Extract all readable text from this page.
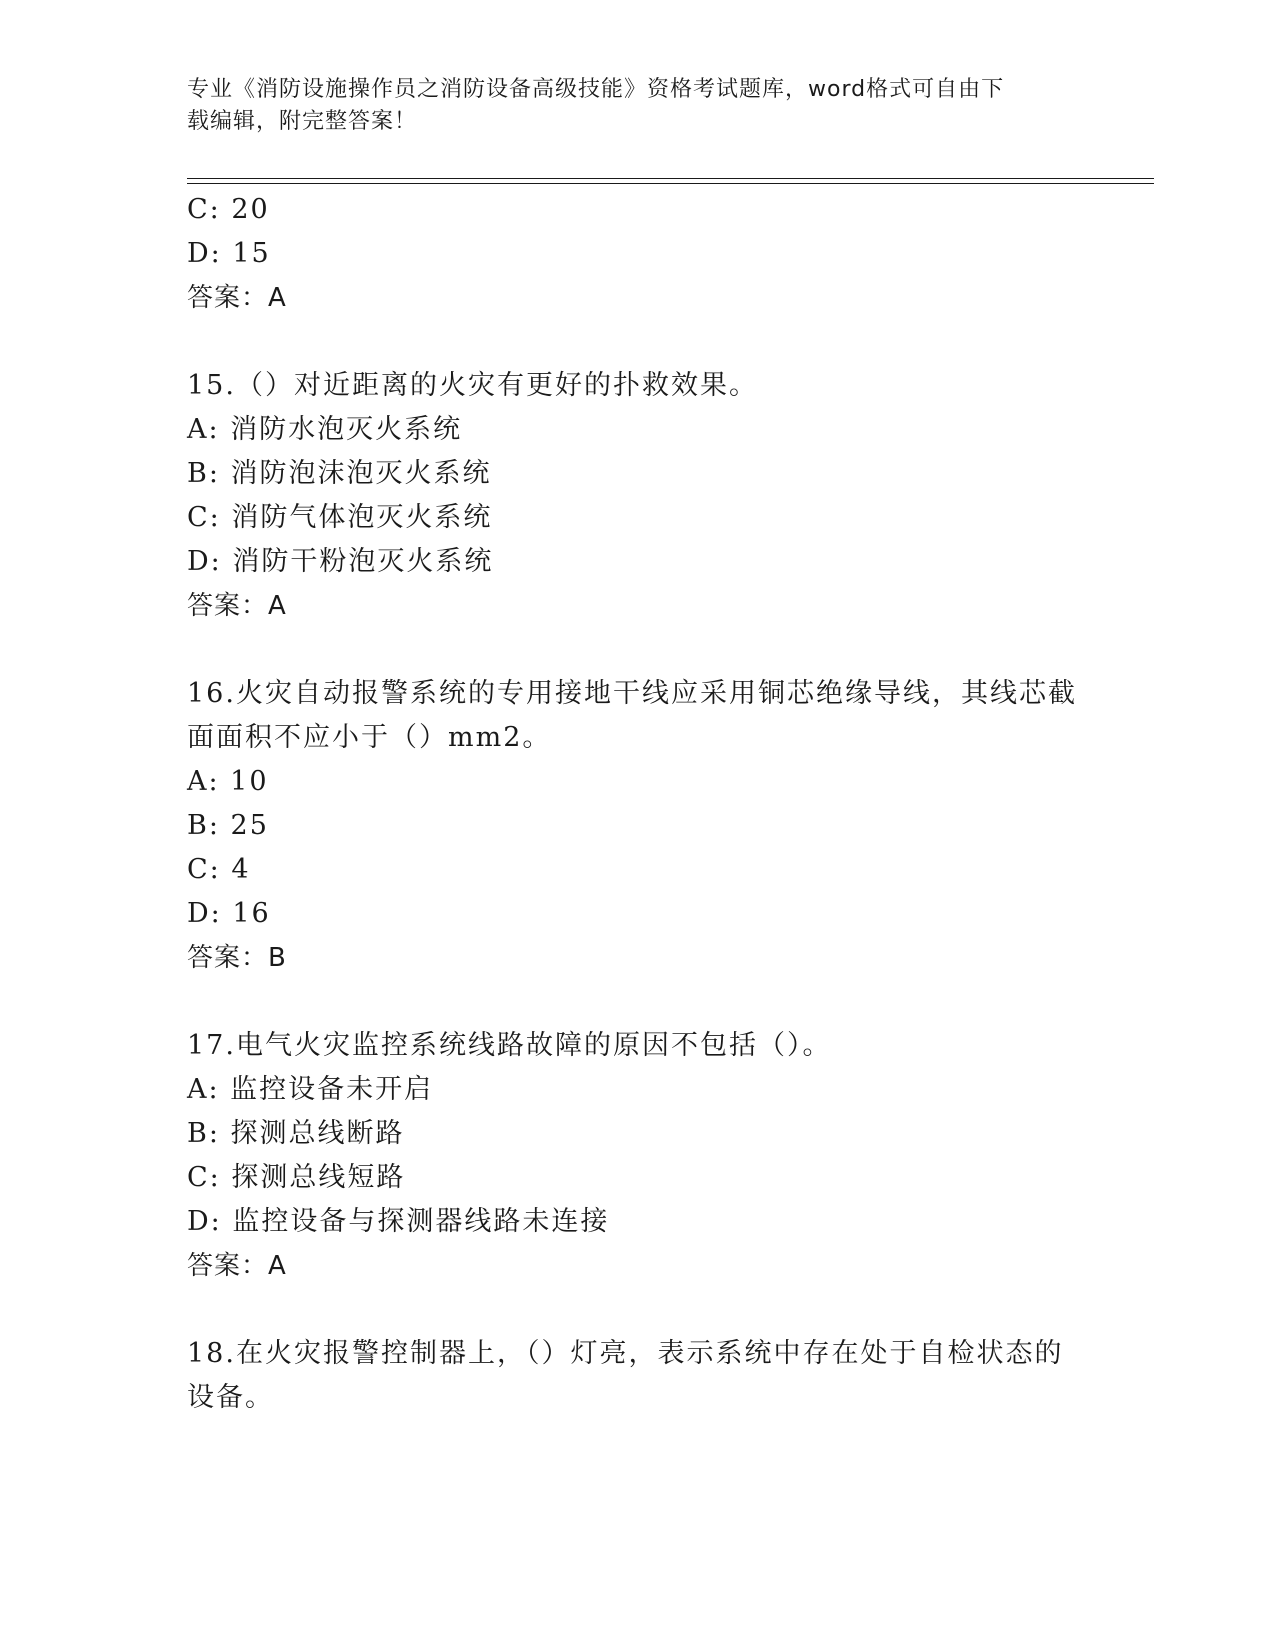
专业《消防设施操作员之消防设备高级技能》资格考试题库，word格式可自由下
载编辑，附完整答案！
C: 20
D: 15
答案：A
15.（）对近距离的火灾有更好的扑救效果。
A: 消防水泡灭火系统
B: 消防泡沫泡灭火系统
C: 消防气体泡灭火系统
D: 消防干粉泡灭火系统
答案：A
16.火灾自动报警系统的专用接地干线应采用铜芯绝缘导线，其线芯截
面面积不应小于（）mm2。
A: 10
B: 25
C: 4
D: 16
答案：B
17.电气火灾监控系统线路故障的原因不包括（）。
A: 监控设备未开启
B: 探测总线断路
C: 探测总线短路
D: 监控设备与探测器线路未连接
答案：A
18.在火灾报警控制器上，（）灯亮，表示系统中存在处于自检状态的
设备。
